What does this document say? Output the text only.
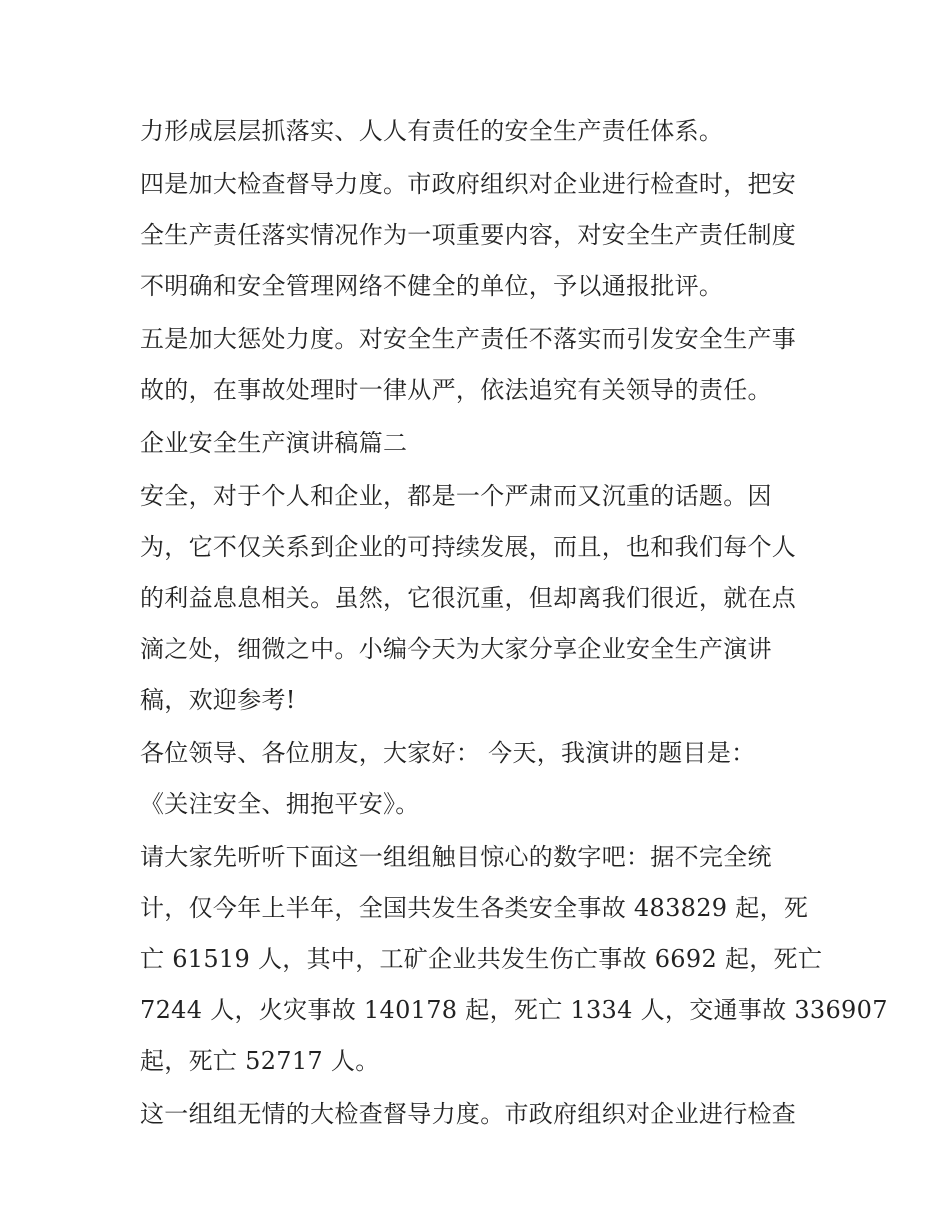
力形成层层抓落实、人人有责任的安全生产责任体系。
四是加大检查督导力度。市政府组织对企业进行检查时，把安
全生产责任落实情况作为一项重要内容，对安全生产责任制度
不明确和安全管理网络不健全的单位，予以通报批评。
五是加大惩处力度。对安全生产责任不落实而引发安全生产事
故的，在事故处理时一律从严，依法追究有关领导的责任。
企业安全生产演讲稿篇二
安全，对于个人和企业，都是一个严肃而又沉重的话题。因
为，它不仅关系到企业的可持续发展，而且，也和我们每个人
的利益息息相关。虽然，它很沉重，但却离我们很近，就在点
滴之处，细微之中。小编今天为大家分享企业安全生产演讲
稿，欢迎参考!
各位领导、各位朋友，大家好： 今天，我演讲的题目是：
《关注安全、拥抱平安》。
请大家先听听下面这一组组触目惊心的数字吧：据不完全统
计，仅今年上半年，全国共发生各类安全事故 483829 起，死
亡 61519 人，其中，工矿企业共发生伤亡事故 6692 起，死亡
7244 人，火灾事故 140178 起，死亡 1334 人，交通事故 336907
起，死亡 52717 人。
这一组组无情的大检查督导力度。市政府组织对企业进行检查
